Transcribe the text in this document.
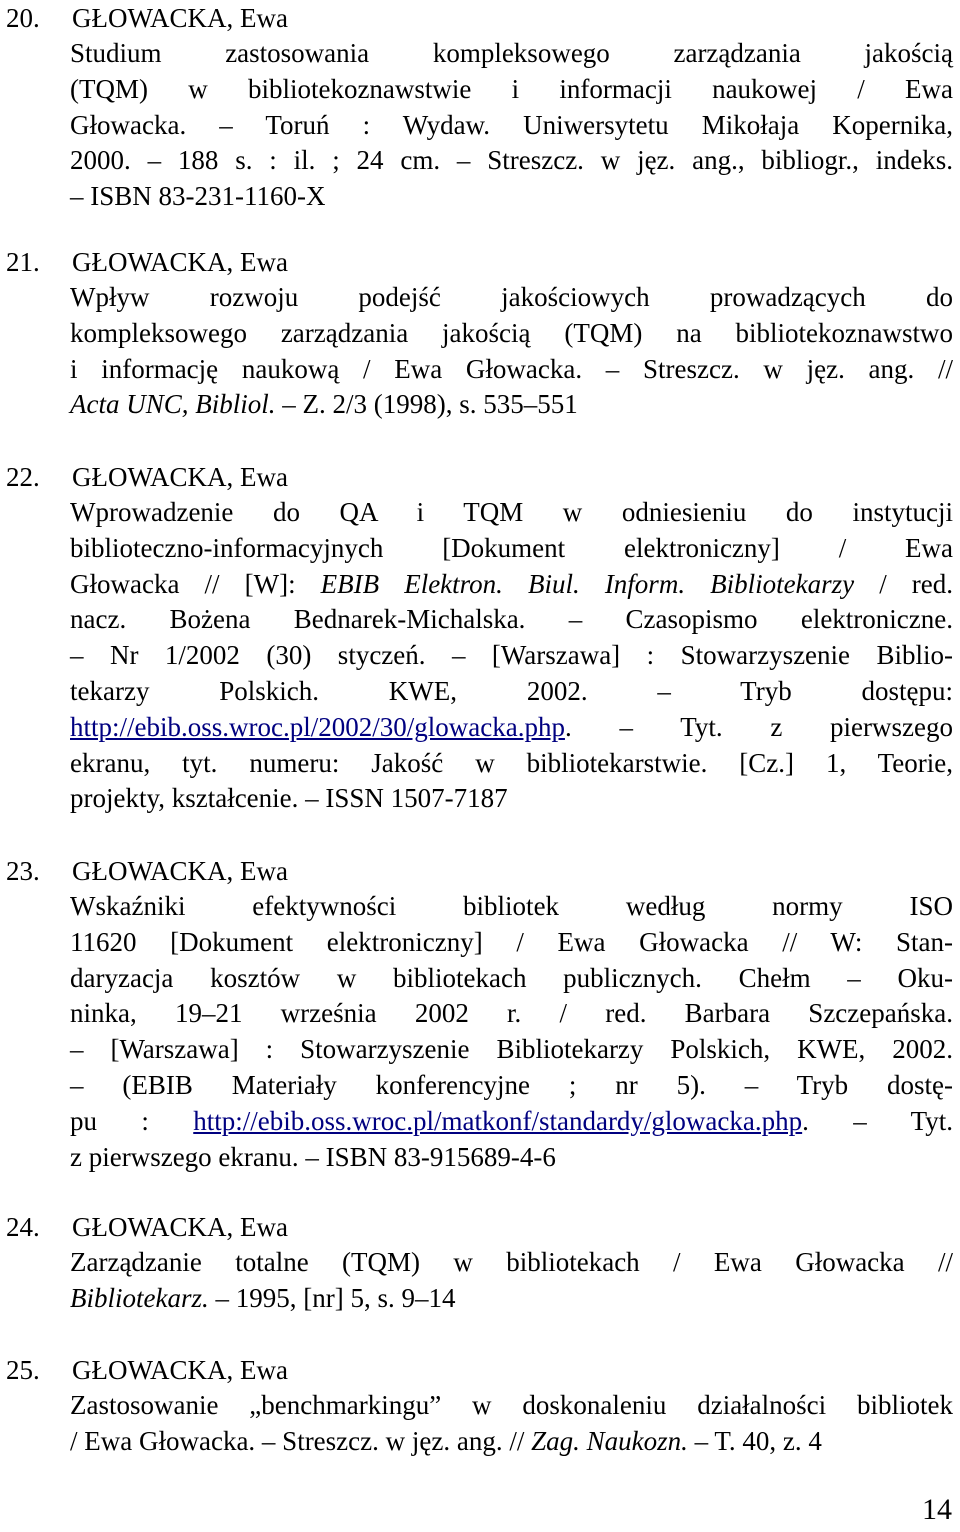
20. GŁOWACKA, Ewa
Studium zastosowania kompleksowego zarządzania jakością
(TQM) w bibliotekoznawstwie i informacji naukowej / Ewa
Głowacka. – Toruń : Wydaw. Uniwersytetu Mikołaja Kopernika,
2000. – 188 s. : il. ; 24 cm. – Streszcz. w jęz. ang., bibliogr., indeks.
– ISBN 83-231-1160-X
21. GŁOWACKA, Ewa
Wpływ rozwoju podejść jakościowych prowadzących do
kompleksowego zarządzania jakością (TQM) na bibliotekoznawstwo
i informację naukową / Ewa Głowacka. – Streszcz. w jęz. ang. //
Acta UNC, Bibliol. – Z. 2/3 (1998), s. 535–551
22. GŁOWACKA, Ewa
Wprowadzenie do QA i TQM w odniesieniu do instytucji
biblioteczno-informacyjnych [Dokument elektroniczny] / Ewa
Głowacka // [W]: EBIB Elektron. Biul. Inform. Bibliotekarzy / red.
nacz. Bożena Bednarek-Michalska. – Czasopismo elektroniczne.
– Nr 1/2002 (30) styczeń. – [Warszawa] : Stowarzyszenie Biblio-
tekarzy Polskich. KWE, 2002. – Tryb dostępu:
http://ebib.oss.wroc.pl/2002/30/glowacka.php. – Tyt. z pierwszego
ekranu, tyt. numeru: Jakość w bibliotekarstwie. [Cz.] 1, Teorie,
projekty, kształcenie. – ISSN 1507-7187
23. GŁOWACKA, Ewa
Wskaźniki efektywności bibliotek według normy ISO
11620 [Dokument elektroniczny] / Ewa Głowacka // W: Stan-
daryzacja kosztów w bibliotekach publicznych. Chełm – Oku-
ninka, 19–21 września 2002 r. / red. Barbara Szczepańska.
– [Warszawa] : Stowarzyszenie Bibliotekarzy Polskich, KWE, 2002.
– (EBIB Materiały konferencyjne ; nr 5). – Tryb dostę-
pu : http://ebib.oss.wroc.pl/matkonf/standardy/glowacka.php. – Tyt.
z pierwszego ekranu. – ISBN 83-915689-4-6
24. GŁOWACKA, Ewa
Zarządzanie totalne (TQM) w bibliotekach / Ewa Głowacka //
Bibliotekarz. – 1995, [nr] 5, s. 9–14
25. GŁOWACKA, Ewa
Zastosowanie „benchmarkingu” w doskonaleniu działalności bibliotek
/ Ewa Głowacka. – Streszcz. w jęz. ang. // Zag. Naukozn. – T. 40, z. 4
14
